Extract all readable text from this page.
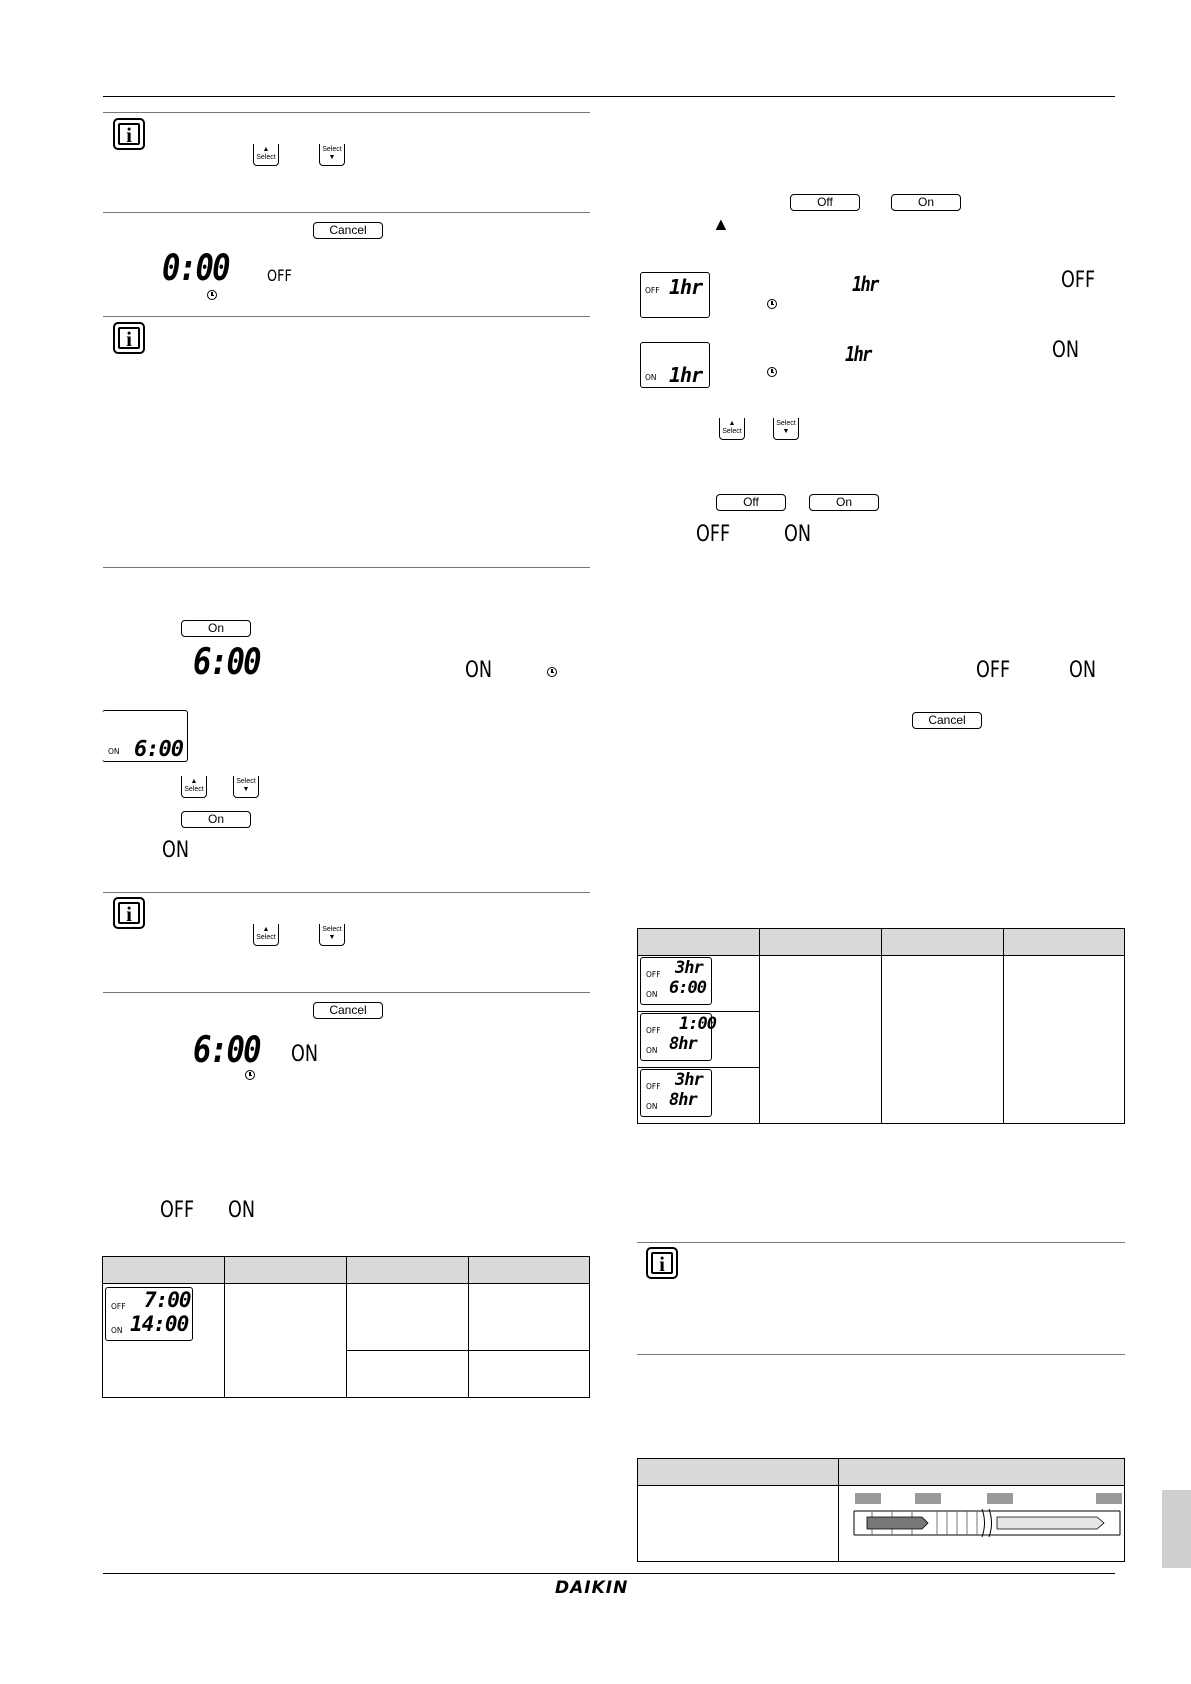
i
▲
Select
Select
▼
Cancel
0:00 OFF
i
On
6:00	ON
ON 6:00
▲
Select
Select
▼
On
ON
i
▲
Select
Select
▼
Cancel
6:00 ON
OFF ON
OFF
ON
7:00
14:00
Off	On
▲
OFF 1hr	1hr	OFF
ON 1hr
1hr	ON
▲
Select
Select
▼
Off	On
OFF ON
OFF	ON
Cancel
OFF
ON
3hr
6:00
OFF
ON
1:00
8hr
OFF
ON
3hr
8hr
i
DAIKIN
